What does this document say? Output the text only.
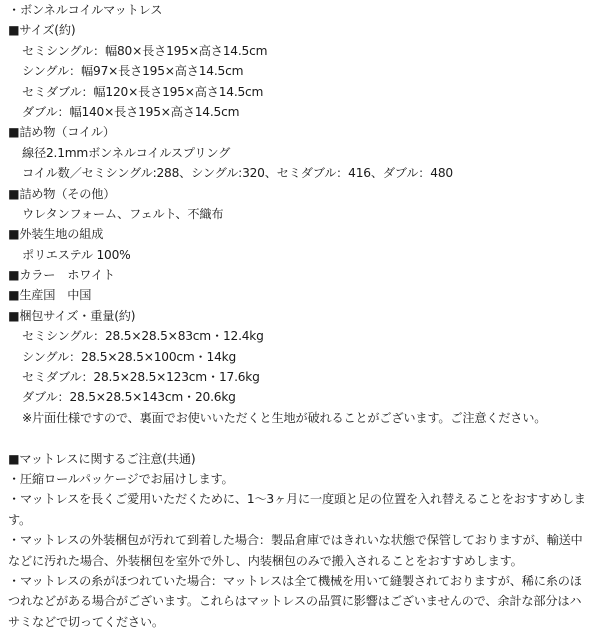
・ボンネルコイルマットレス
■サイズ(約)
セミシングル：幅80×長さ195×高さ14.5cm
シングル：幅97×長さ195×高さ14.5cm
セミダブル：幅120×長さ195×高さ14.5cm
ダブル：幅140×長さ195×高さ14.5cm
■詰め物（コイル）
線径2.1mmボンネルコイルスプリング
コイル数／セミシングル:288、シングル:320、セミダブル：416、ダブル：480
■詰め物（その他）
ウレタンフォーム、フェルト、不織布
■外装生地の組成
ポリエステル 100%
■カラー　ホワイト
■生産国　中国
■梱包サイズ・重量(約)
セミシングル：28.5×28.5×83cm・12.4kg
シングル：28.5×28.5×100cm・14kg
セミダブル：28.5×28.5×123cm・17.6kg
ダブル：28.5×28.5×143cm・20.6kg
※片面仕様ですので、裏面でお使いいただくと生地が破れることがございます。ご注意ください。
■マットレスに関するご注意(共通)
・圧縮ロールパッケージでお届けします。
・マットレスを長くご愛用いただくために、1～3ヶ月に一度頭と足の位置を入れ替えることをおすすめします。
・マットレスの外装梱包が汚れて到着した場合：製品倉庫ではきれいな状態で保管しておりますが、輸送中などに汚れた場合、外装梱包を室外で外し、内装梱包のみで搬入されることをおすすめします。
・マットレスの糸がほつれていた場合：マットレスは全て機械を用いて縫製されておりますが、稀に糸のほつれなどがある場合がございます。これらはマットレスの品質に影響はございませんので、余計な部分はハサミなどで切ってください。
